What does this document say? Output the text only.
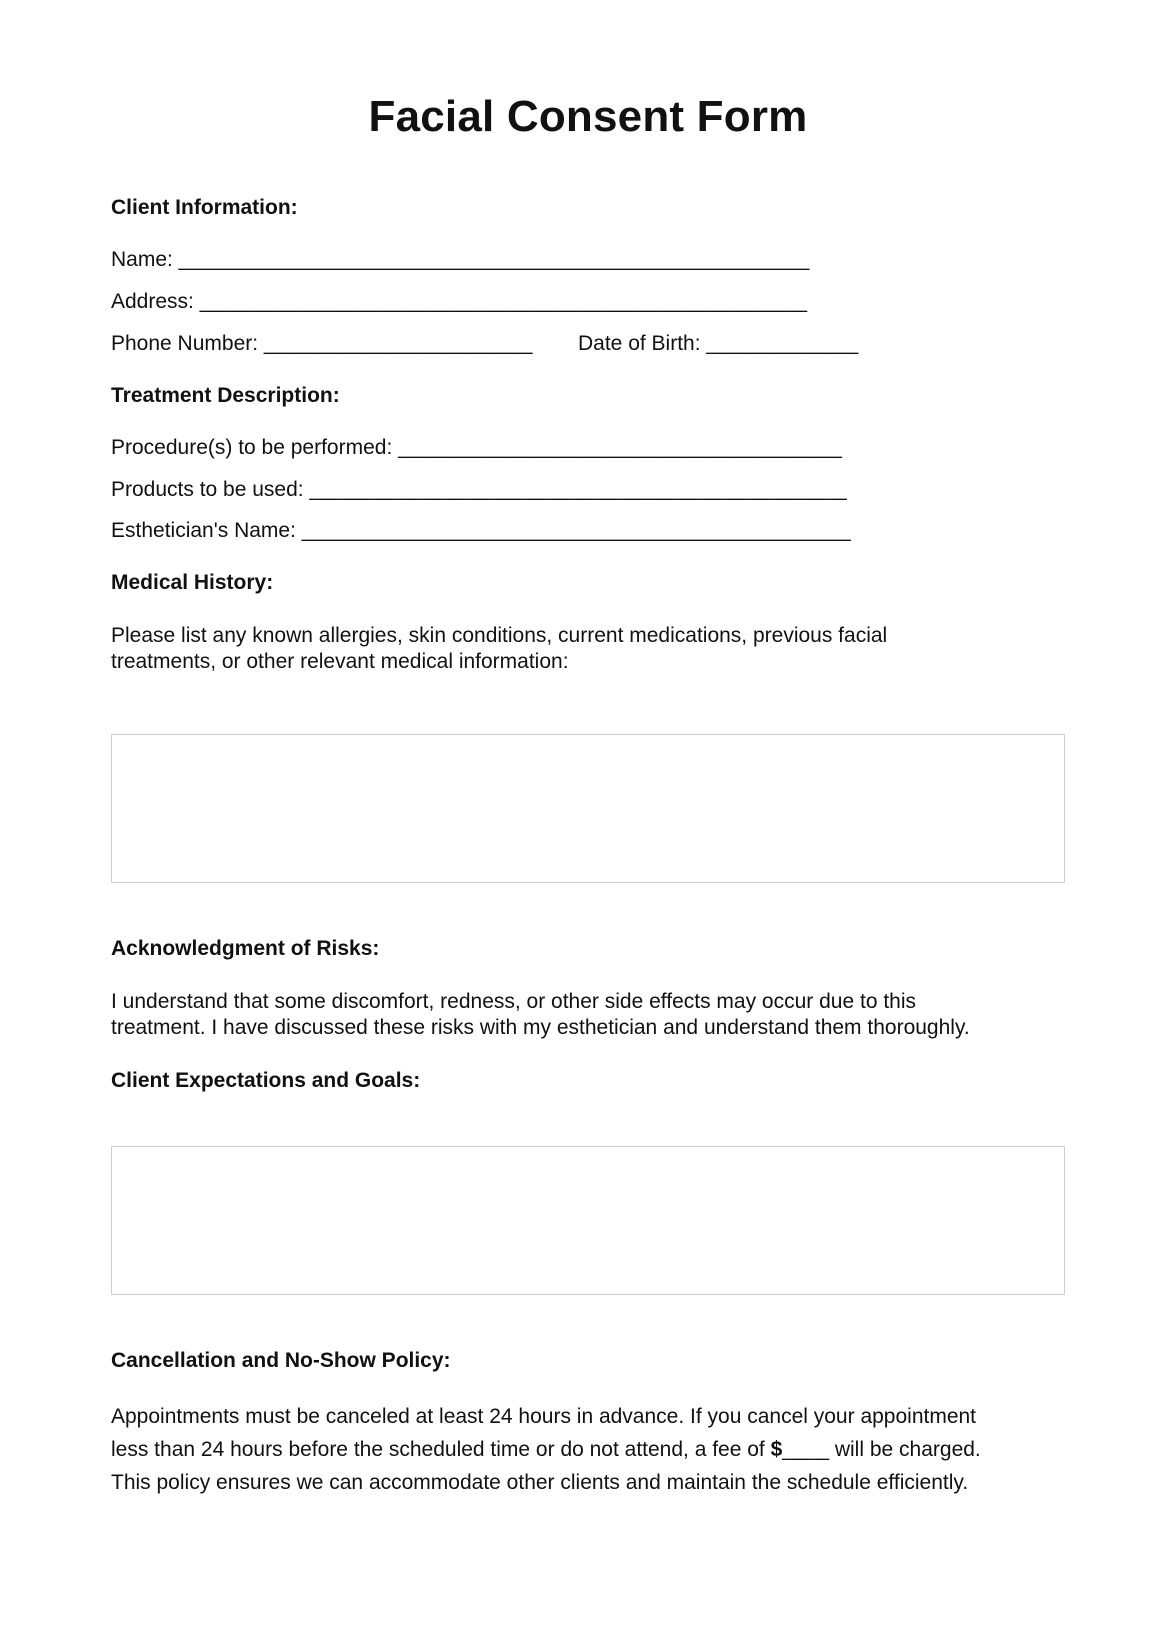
Facial Consent Form
Client Information:
Name: ______________________________________________________
Address: ____________________________________________________
Phone Number: _______________________ Date of Birth: _____________
Treatment Description:
Procedure(s) to be performed: ______________________________________
Products to be used: ______________________________________________
Esthetician's Name: _______________________________________________
Medical History:
Please list any known allergies, skin conditions, current medications, previous facial
treatments, or other relevant medical information:
Acknowledgment of Risks:
I understand that some discomfort, redness, or other side effects may occur due to this
treatment. I have discussed these risks with my esthetician and understand them thoroughly.
Client Expectations and Goals:
Cancellation and No-Show Policy:
Appointments must be canceled at least 24 hours in advance. If you cancel your appointment
less than 24 hours before the scheduled time or do not attend, a fee of $____ will be charged.
This policy ensures we can accommodate other clients and maintain the schedule efficiently.
